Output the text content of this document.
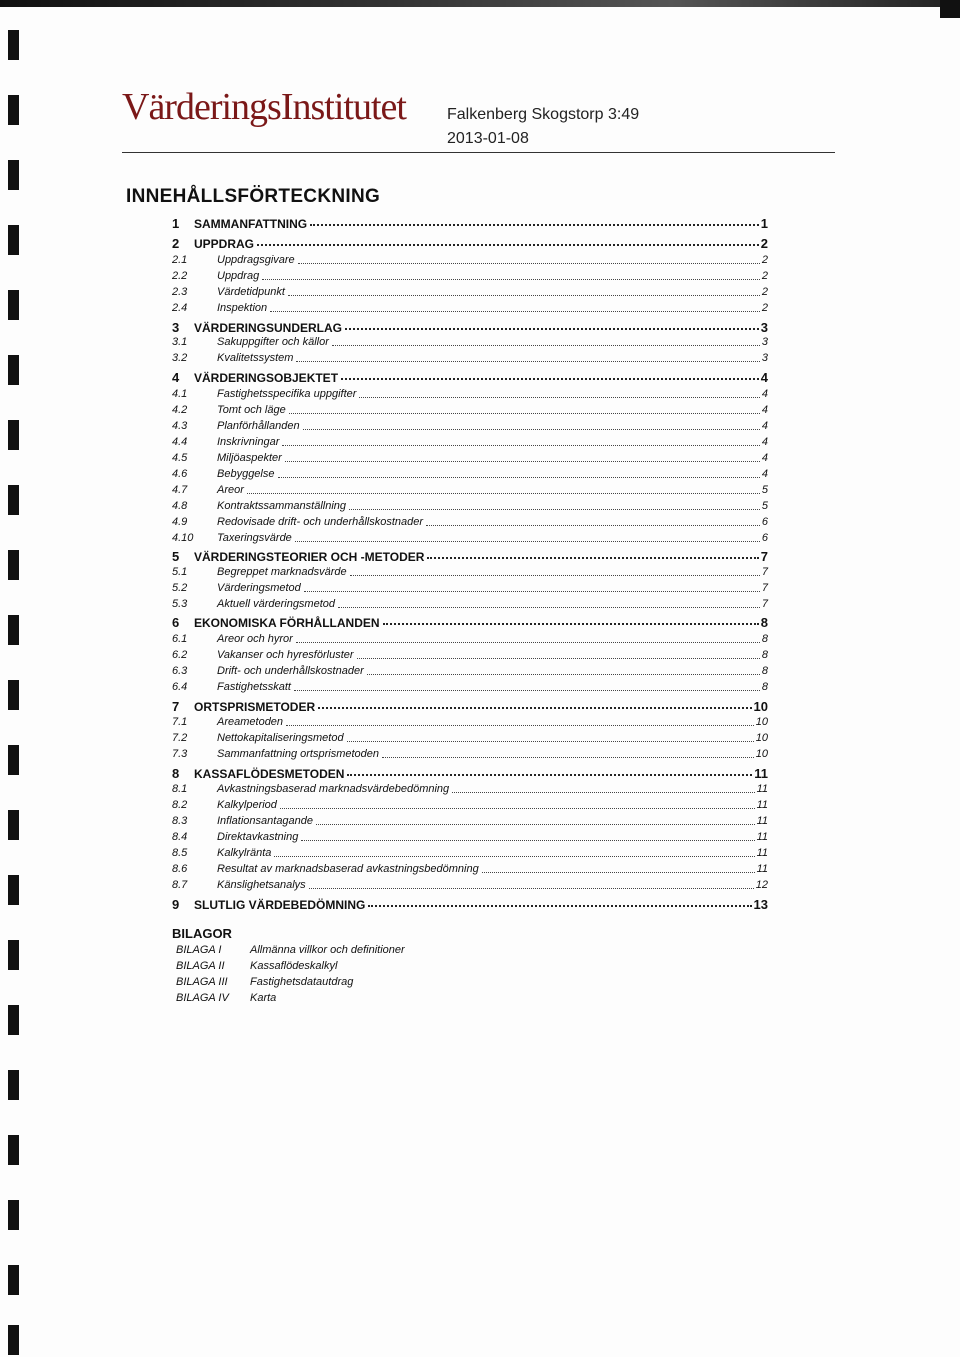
VärderingsInstitutet	Falkenberg Skogstorp 3:49
2013-01-08
INNEHÅLLSFÖRTECKNING
1	SAMMANFATTNING	1
2	UPPDRAG	2
2.1	Uppdragsgivare	2
2.2	Uppdrag	2
2.3	Värdetidpunkt	2
2.4	Inspektion	2
3	VÄRDERINGSUNDERLAG	3
3.1	Sakuppgifter och källor	3
3.2	Kvalitetssystem	3
4	VÄRDERINGSOBJEKTET	4
4.1	Fastighetsspecifika uppgifter	4
4.2	Tomt och läge	4
4.3	Planförhållanden	4
4.4	Inskrivningar	4
4.5	Miljöaspekter	4
4.6	Bebyggelse	4
4.7	Areor	5
4.8	Kontraktssammanställning	5
4.9	Redovisade drift- och underhållskostnader	6
4.10	Taxeringsvärde	6
5	VÄRDERINGSTEORIER OCH -METODER	7
5.1	Begreppet marknadsvärde	7
5.2	Värderingsmetod	7
5.3	Aktuell värderingsmetod	7
6	EKONOMISKA FÖRHÅLLANDEN	8
6.1	Areor och hyror	8
6.2	Vakanser och hyresförluster	8
6.3	Drift- och underhållskostnader	8
6.4	Fastighetsskatt	8
7	ORTSPRISMETODER	10
7.1	Areametoden	10
7.2	Nettokapitaliseringsmetod	10
7.3	Sammanfattning ortsprismetoden	10
8	KASSAFLÖDESMETODEN	11
8.1	Avkastningsbaserad marknadsvärdebedömning	11
8.2	Kalkylperiod	11
8.3	Inflationsantagande	11
8.4	Direktavkastning	11
8.5	Kalkylränta	11
8.6	Resultat av marknadsbaserad avkastningsbedömning	11
8.7	Känslighetsanalys	12
9	SLUTLIG VÄRDEBEDÖMNING	13
BILAGOR
BILAGA I	Allmänna villkor och definitioner
BILAGA II Kassaflödeskalkyl
BILAGA III Fastighetsdatautdrag
BILAGA IV Karta
